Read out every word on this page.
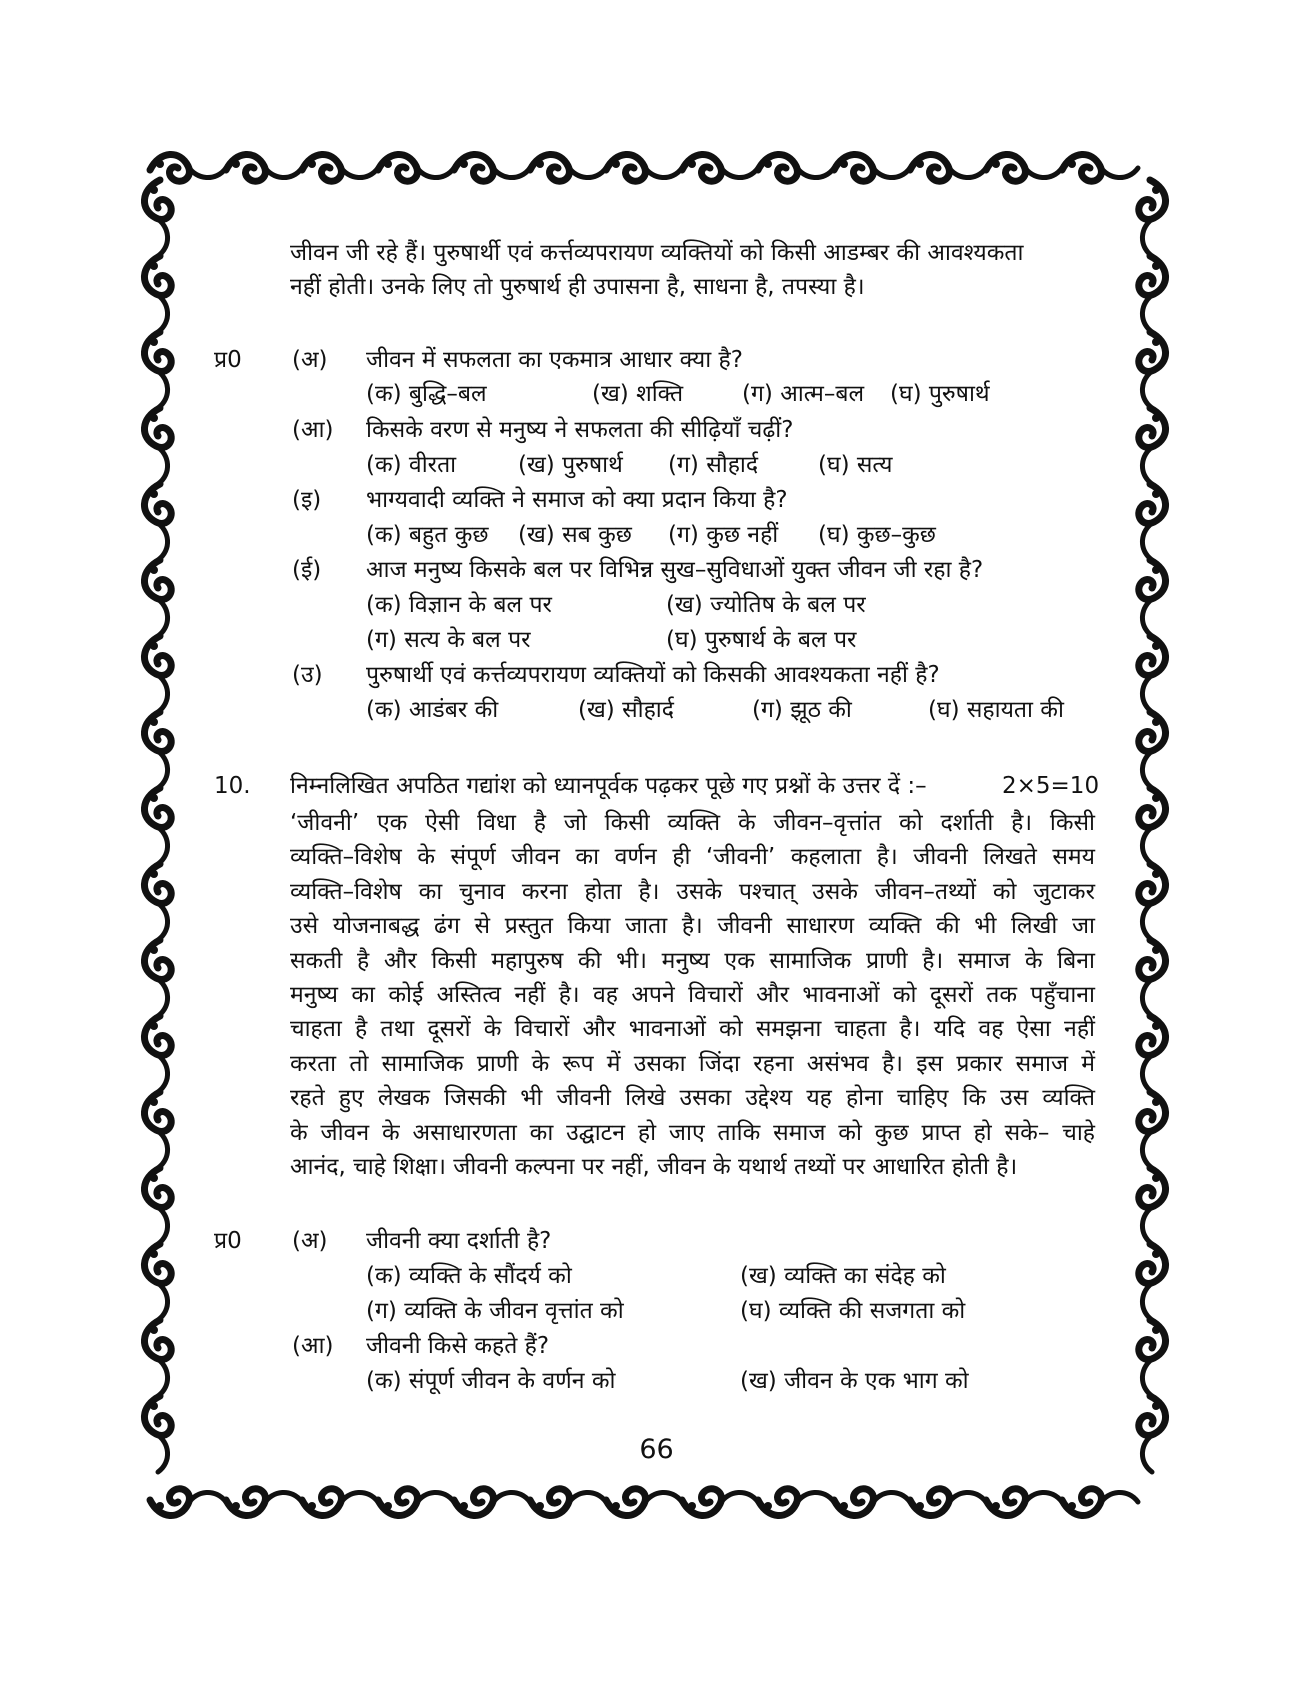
जीवन जी रहे हैं। पुरुषार्थी एवं कर्त्तव्यपरायण व्यक्तियों को किसी आडम्बर की आवश्यकता
नहीं होती। उनके लिए तो पुरुषार्थ ही उपासना है, साधना है, तपस्या है।
प्र0 (अ) जीवन में सफलता का एकमात्र आधार क्या है?
(क) बुद्धि–बल	(ख) शक्ति	(ग) आत्म–बल (घ) पुरुषार्थ
(आ) किसके वरण से मनुष्य ने सफलता की सीढ़ियाँ चढ़ीं?
(क) वीरता	(ख) पुरुषार्थ (ग) सौहार्द	(घ) सत्य
(इ) भाग्यवादी व्यक्ति ने समाज को क्या प्रदान किया है?
(क) बहुत कुछ (ख) सब कुछ (ग) कुछ नहीं (घ) कुछ–कुछ
(ई) आज मनुष्य किसके बल पर विभिन्न सुख–सुविधाओं युक्त जीवन जी रहा है?
(क) विज्ञान के बल पर	(ख) ज्योतिष के बल पर
(ग) सत्य के बल पर	(घ) पुरुषार्थ के बल पर
(उ) पुरुषार्थी एवं कर्त्तव्यपरायण व्यक्तियों को किसकी आवश्यकता नहीं है?
(क) आडंबर की	(ख) सौहार्द	(ग) झूठ की	(घ) सहायता की
10. निम्नलिखित अपठित गद्यांश को ध्यानपूर्वक पढ़कर पूछे गए प्रश्नों के उत्तर दें :–	2×5=10
‘जीवनी’ एक ऐसी विधा है जो किसी व्यक्ति के जीवन–वृत्तांत को दर्शाती है। किसी
व्यक्ति–विशेष के संपूर्ण जीवन का वर्णन ही ‘जीवनी’ कहलाता है। जीवनी लिखते समय
व्यक्ति–विशेष का चुनाव करना होता है। उसके पश्चात् उसके जीवन–तथ्यों को जुटाकर
उसे योजनाबद्ध ढंग से प्रस्तुत किया जाता है। जीवनी साधारण व्यक्ति की भी लिखी जा
सकती है और किसी महापुरुष की भी। मनुष्य एक सामाजिक प्राणी है। समाज के बिना
मनुष्य का कोई अस्तित्व नहीं है। वह अपने विचारों और भावनाओं को दूसरों तक पहुँचाना
चाहता है तथा दूसरों के विचारों और भावनाओं को समझना चाहता है। यदि वह ऐसा नहीं
करता तो सामाजिक प्राणी के रूप में उसका जिंदा रहना असंभव है। इस प्रकार समाज में
रहते हुए लेखक जिसकी भी जीवनी लिखे उसका उद्देश्य यह होना चाहिए कि उस व्यक्ति
के जीवन के असाधारणता का उद्घाटन हो जाए ताकि समाज को कुछ प्राप्त हो सके– चाहे
आनंद, चाहे शिक्षा। जीवनी कल्पना पर नहीं, जीवन के यथार्थ तथ्यों पर आधारित होती है।
प्र0 (अ) जीवनी क्या दर्शाती है?
(क) व्यक्ति के सौंदर्य को	(ख) व्यक्ति का संदेह को
(ग) व्यक्ति के जीवन वृत्तांत को	(घ) व्यक्ति की सजगता को
(आ) जीवनी किसे कहते हैं?
(क) संपूर्ण जीवन के वर्णन को	(ख) जीवन के एक भाग को
66
